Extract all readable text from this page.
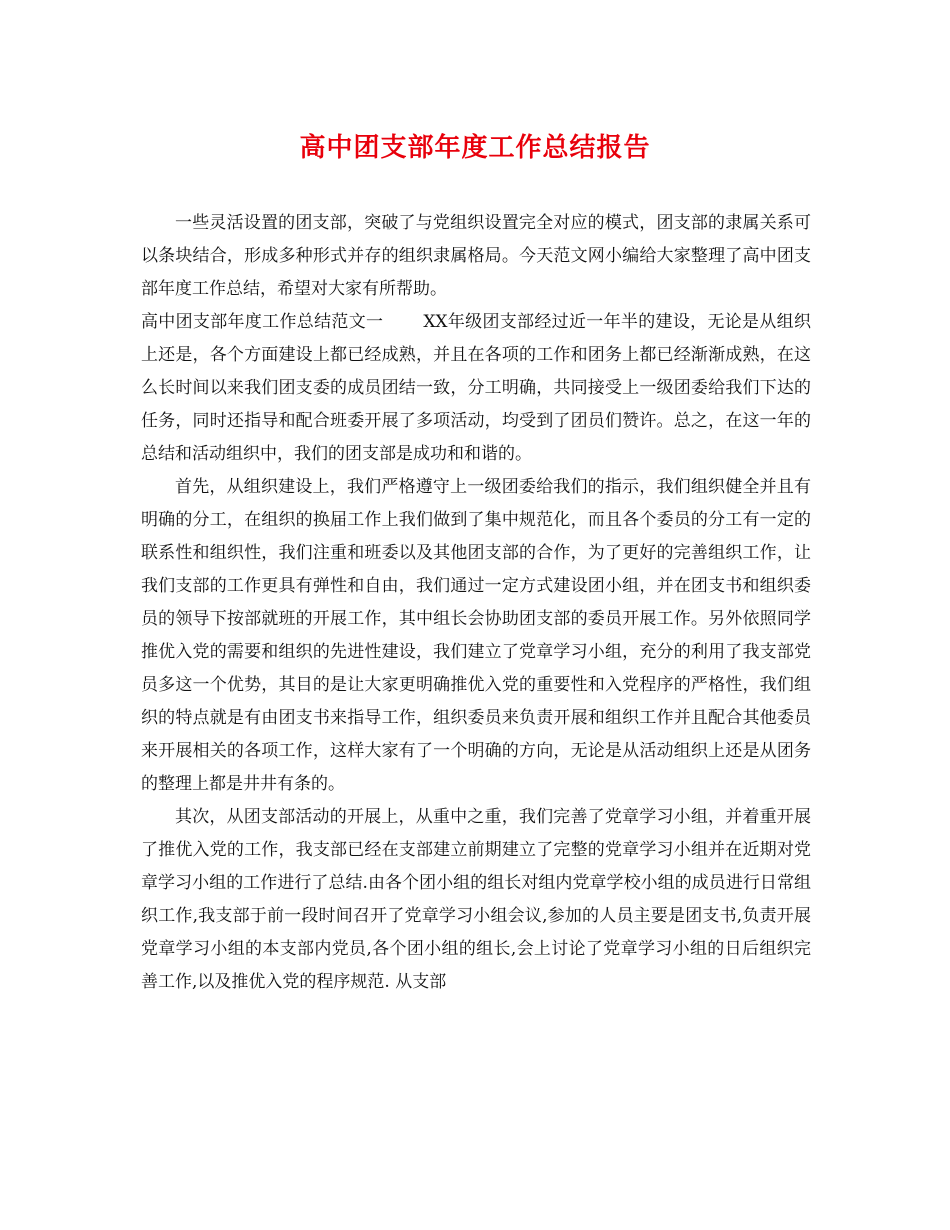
高中团支部年度工作总结报告

一些灵活设置的团支部，突破了与党组织设置完全对应的模式，团支部的隶属关系可以条块结合，形成多种形式并存的组织隶属格局。今天范文网小编给大家整理了高中团支部年度工作总结，希望对大家有所帮助。

高中团支部年度工作总结范文一 XX年级团支部经过近一年半的建设，无论是从组织上还是，各个方面建设上都已经成熟，并且在各项的工作和团务上都已经渐渐成熟，在这么长时间以来我们团支委的成员团结一致，分工明确，共同接受上一级团委给我们下达的任务，同时还指导和配合班委开展了多项活动，均受到了团员们赞许。总之，在这一年的总结和活动组织中，我们的团支部是成功和和谐的。

首先，从组织建设上，我们严格遵守上一级团委给我们的指示，我们组织健全并且有明确的分工，在组织的换届工作上我们做到了集中规范化，而且各个委员的分工有一定的联系性和组织性，我们注重和班委以及其他团支部的合作，为了更好的完善组织工作，让我们支部的工作更具有弹性和自由，我们通过一定方式建设团小组，并在团支书和组织委员的领导下按部就班的开展工作，其中组长会协助团支部的委员开展工作。另外依照同学推优入党的需要和组织的先进性建设，我们建立了党章学习小组，充分的利用了我支部党员多这一个优势，其目的是让大家更明确推优入党的重要性和入党程序的严格性，我们组织的特点就是有由团支书来指导工作，组织委员来负责开展和组织工作并且配合其他委员来开展相关的各项工作，这样大家有了一个明确的方向，无论是从活动组织上还是从团务的整理上都是井井有条的。

其次，从团支部活动的开展上，从重中之重，我们完善了党章学习小组，并着重开展了推优入党的工作，我支部已经在支部建立前期建立了完整的党章学习小组并在近期对党章学习小组的工作进行了总结.由各个团小组的组长对组内党章学校小组的成员进行日常组织工作,我支部于前一段时间召开了党章学习小组会议,参加的人员主要是团支书,负责开展党章学习小组的本支部内党员,各个团小组的组长,会上讨论了党章学习小组的日后组织完善工作,以及推优入党的程序规范. 从支部
